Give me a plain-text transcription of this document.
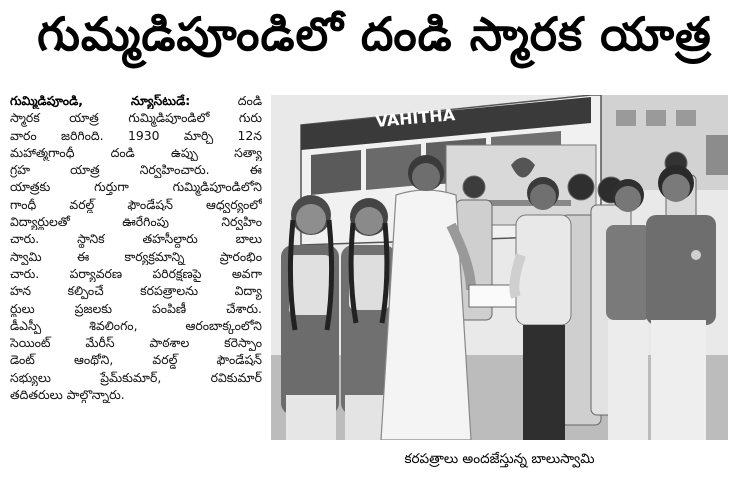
గుమ్మడిపూండిలో దండి స్మారక యాత్ర
గుమ్మిడిపూండి, న్యూస్‌టుడే: దండి
స్మారక యాత్ర గుమ్మిడిపూండిలో గురు
వారం జరిగింది. 1930 మార్చి 12న
మహాత్మగాంధీ దండి ఉప్పు సత్యా
గ్రహ యాత్ర నిర్వహించారు. ఈ
యాత్రకు గుర్తుగా గుమ్మిడిపూండిలోని
గాంధీ వరల్డ్ ఫౌండేషన్ ఆధ్వర్యంలో
విద్యార్థులతో ఊరేగింపు నిర్వహిం
చారు. స్థానిక తహసీల్దారు బాలు
స్వామి ఈ కార్యక్రమాన్ని ప్రారంభిం
చారు. పర్యావరణ పరిరక్షణపై అవగా
హన కల్పించే కరపత్రాలను విద్యా
ర్థులు ప్రజలకు పంపిణీ చేశారు.
డీఎస్పీ శివలింగం, ఆరంబాక్కంలోని
సెయింట్ మేరీస్ పాఠశాల కరెస్పాం
డెంట్ ఆంథోని, వరల్డ్ ఫౌండేషన్
సభ్యులు ప్రేమ్‌కుమార్, రవికుమార్
తదితరులు పాల్గొన్నారు.
VAHITHA
కరపత్రాలు అందజేస్తున్న బాలుస్వామి
